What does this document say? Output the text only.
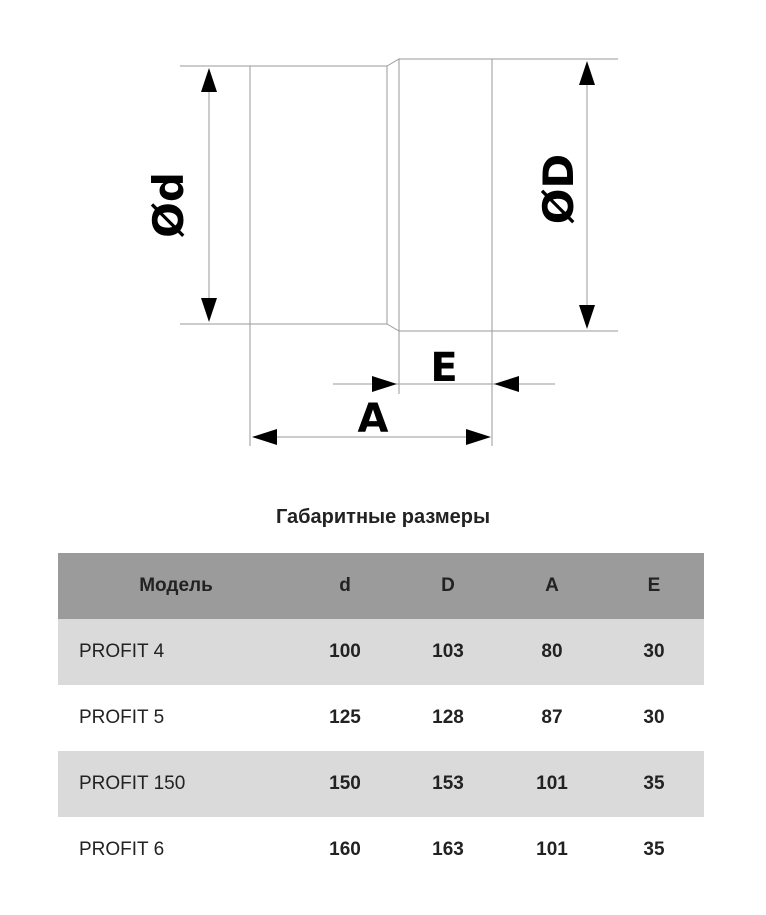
Ød	ØD
E
A
Габаритные размеры
Модель	d	D	A	E
PROFIT 4	100	103	80	30
PROFIT 5	125	128	87	30
PROFIT 150	150	153	101	35
PROFIT 6	160	163	101	35
